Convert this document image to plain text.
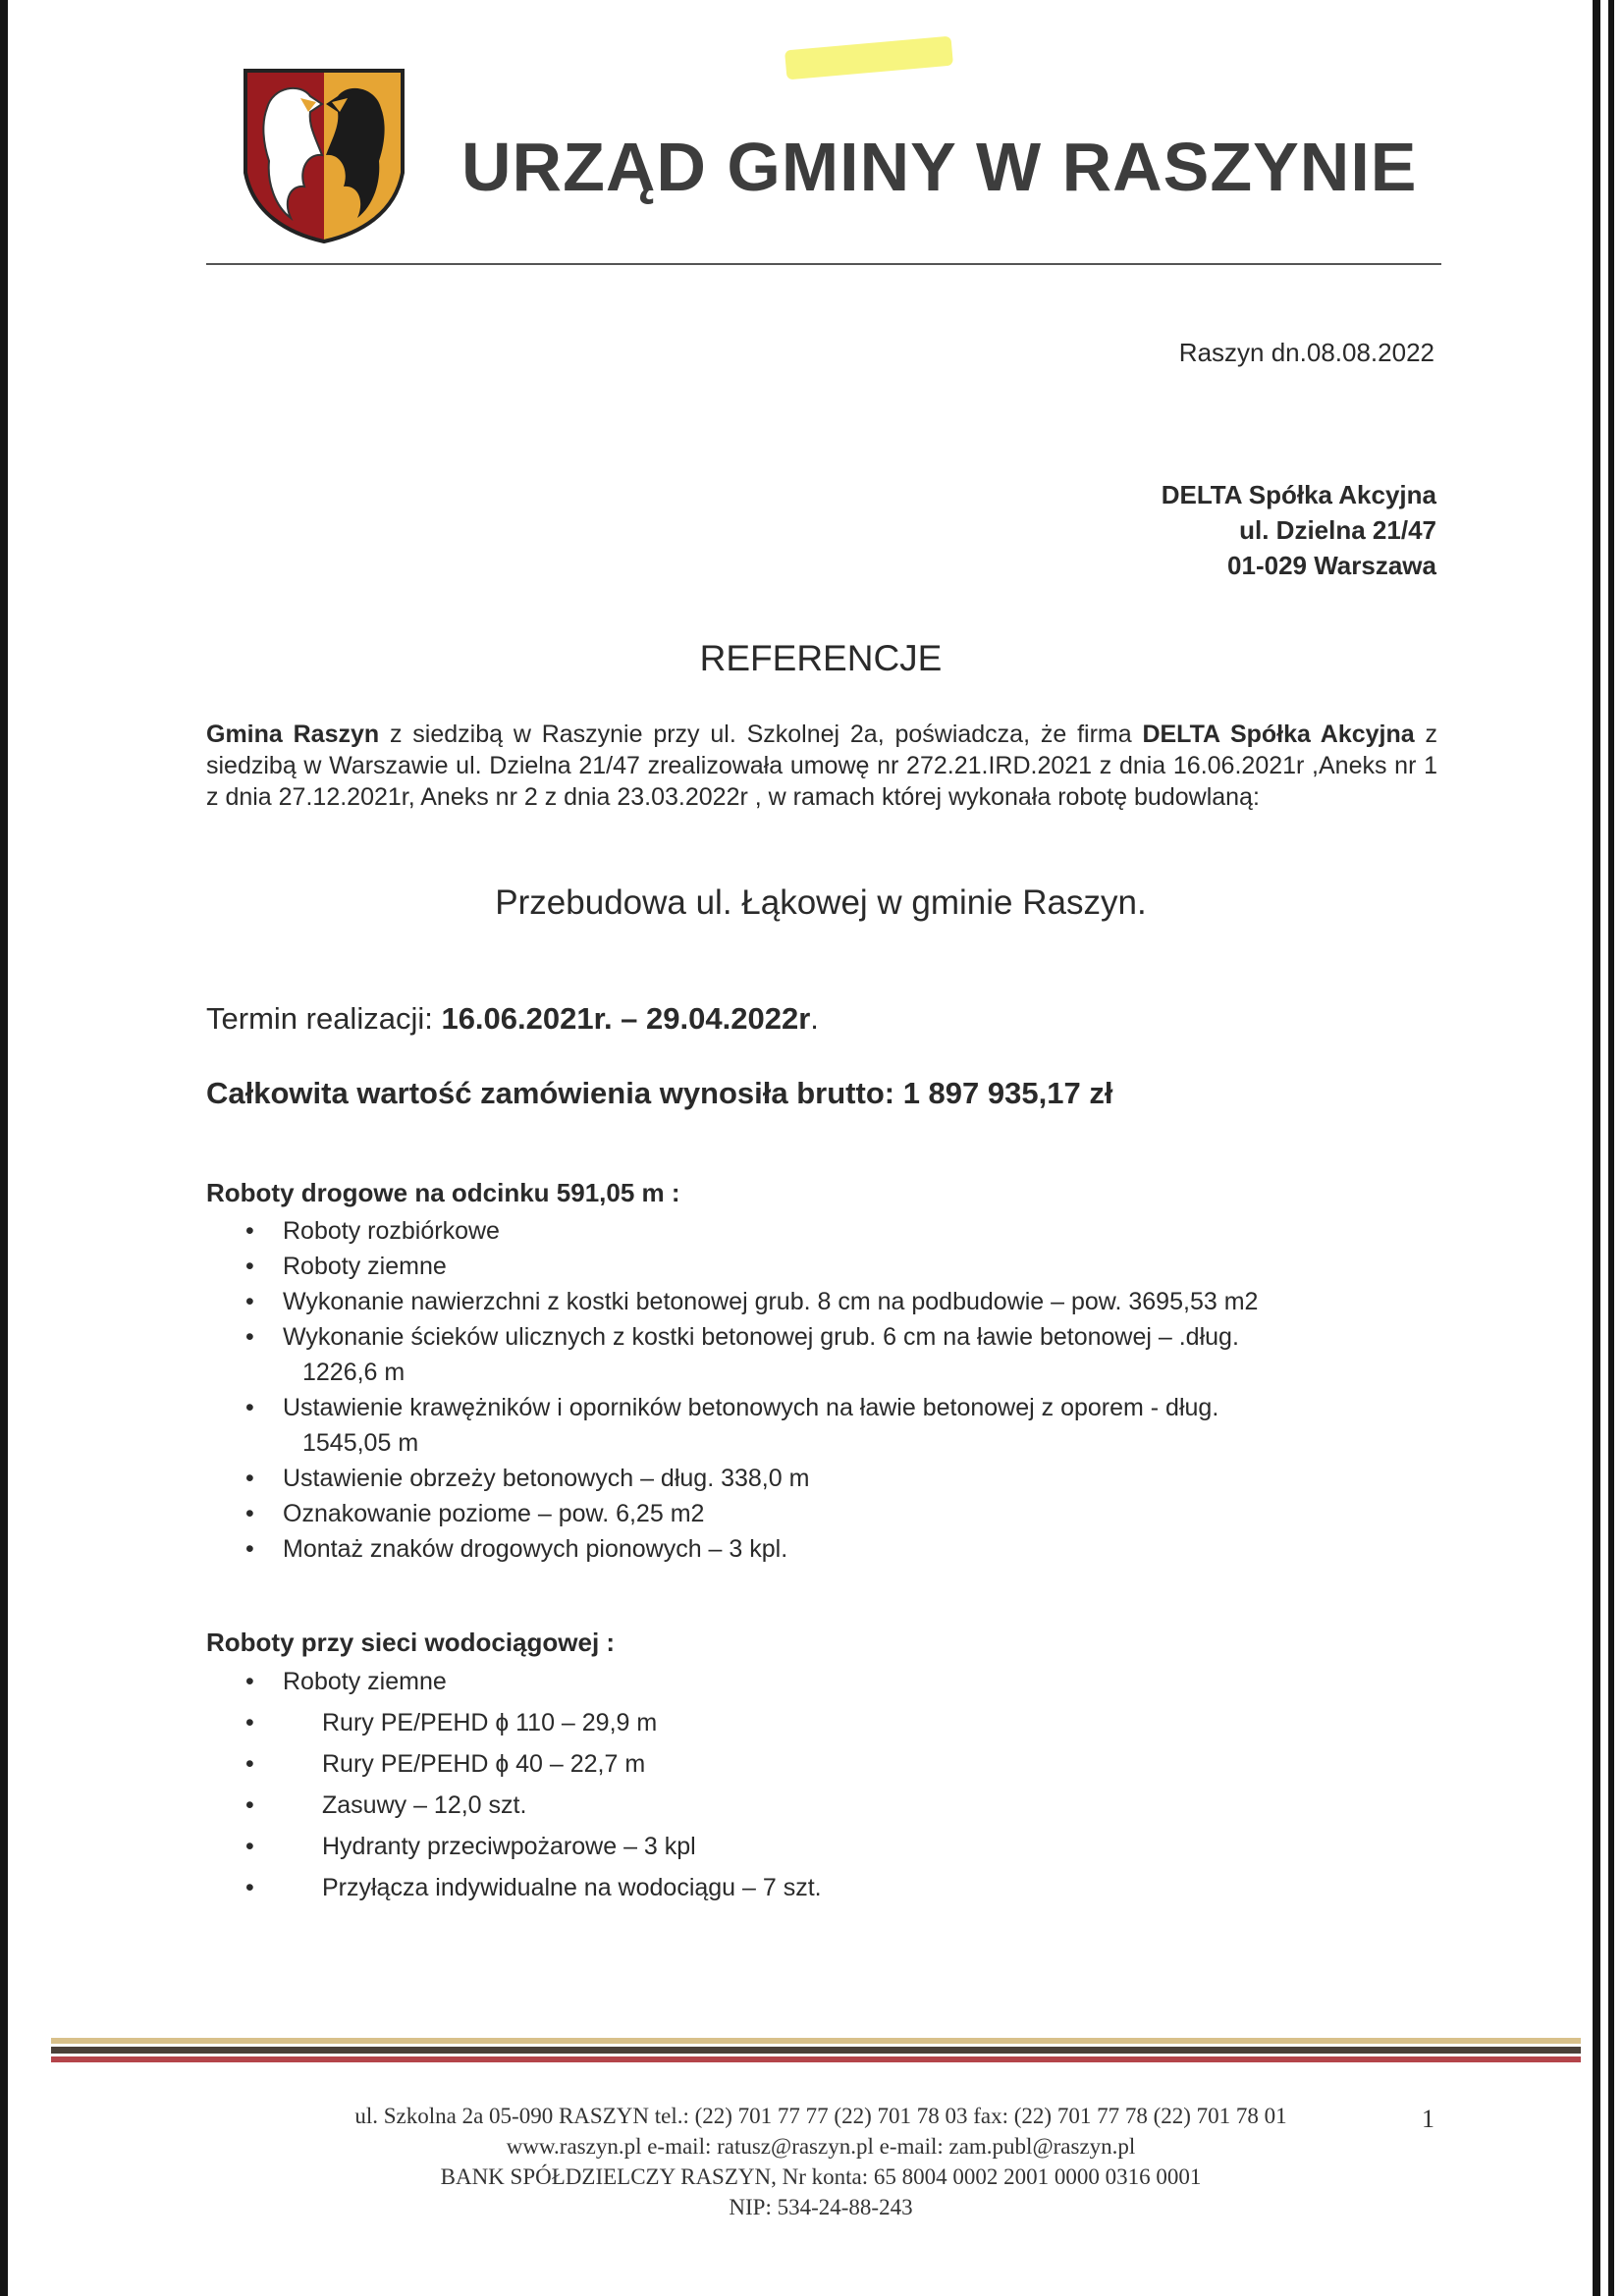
URZĄD GMINY W RASZYNIE
Raszyn dn.08.08.2022
DELTA Spółka Akcyjna
ul. Dzielna 21/47
01-029 Warszawa
REFERENCJE
Gmina Raszyn z siedzibą w Raszynie przy ul. Szkolnej 2a, poświadcza, że firma DELTA Spółka Akcyjna z siedzibą w Warszawie ul. Dzielna 21/47 zrealizowała umowę nr 272.21.IRD.2021 z dnia 16.06.2021r ,Aneks nr 1 z dnia 27.12.2021r, Aneks nr 2 z dnia 23.03.2022r , w ramach której wykonała robotę budowlaną:
Przebudowa ul. Łąkowej w gminie Raszyn.
Termin realizacji: 16.06.2021r. – 29.04.2022r.
Całkowita wartość zamówienia wynosiła brutto: 1 897 935,17 zł
Roboty drogowe na odcinku 591,05 m :
• Roboty rozbiórkowe
• Roboty ziemne
• Wykonanie nawierzchni z kostki betonowej grub. 8 cm na podbudowie – pow. 3695,53 m2
• Wykonanie ścieków ulicznych z kostki betonowej grub. 6 cm na ławie betonowej – .dług.
1226,6 m
• Ustawienie krawężników i oporników betonowych na ławie betonowej z oporem - dług.
1545,05 m
• Ustawienie obrzeży betonowych – dług. 338,0 m
• Oznakowanie poziome – pow. 6,25 m2
• Montaż znaków drogowych pionowych – 3 kpl.
Roboty przy sieci wodociągowej :
• Roboty ziemne
• Rury PE/PEHD ɸ 110 – 29,9 m
• Rury PE/PEHD ɸ 40 – 22,7 m
• Zasuwy – 12,0 szt.
• Hydranty przeciwpożarowe – 3 kpl
• Przyłącza indywidualne na wodociągu – 7 szt.
ul. Szkolna 2a 05-090 RASZYN tel.: (22) 701 77 77 (22) 701 78 03 fax: (22) 701 77 78 (22) 701 78 01
www.raszyn.pl e-mail: ratusz@raszyn.pl e-mail: zam.publ@raszyn.pl
BANK SPÓŁDZIELCZY RASZYN, Nr konta: 65 8004 0002 2001 0000 0316 0001
NIP: 534-24-88-243
1
